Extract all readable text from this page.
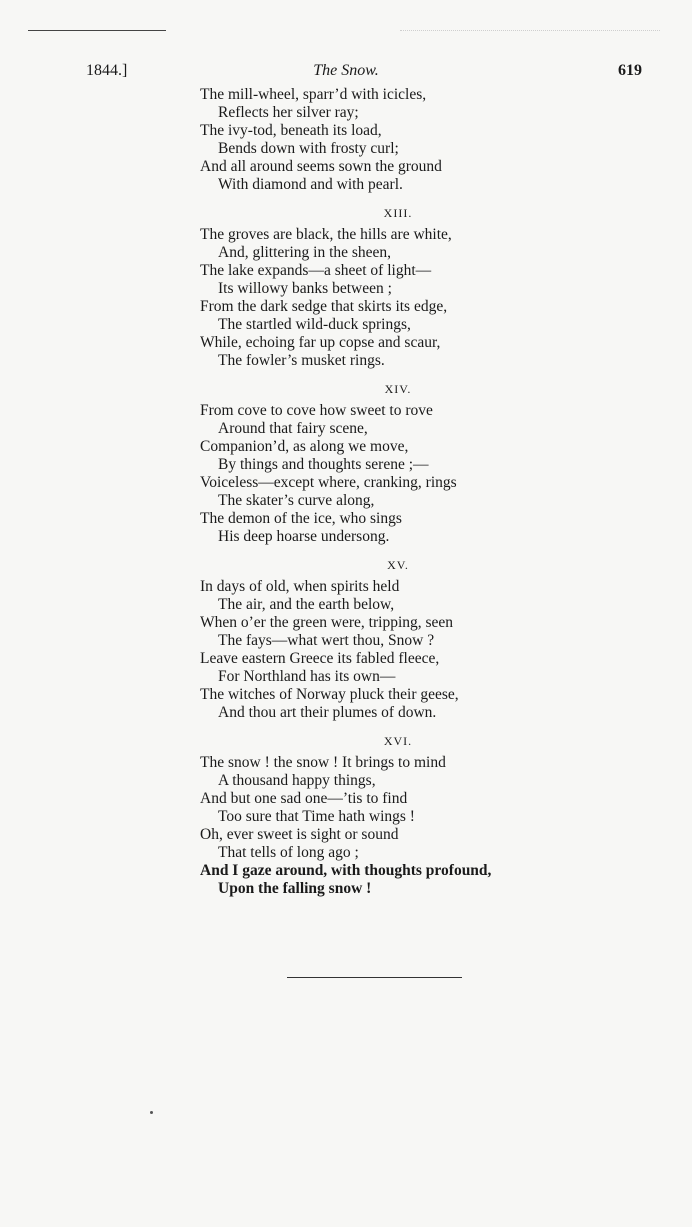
1844.]	The Snow.	619
The mill-wheel, sparr’d with icicles,
Reflects her silver ray;
The ivy-tod, beneath its load,
Bends down with frosty curl;
And all around seems sown the ground
With diamond and with pearl.
XIII.
The groves are black, the hills are white,
And, glittering in the sheen,
The lake expands—a sheet of light—
Its willowy banks between ;
From the dark sedge that skirts its edge,
The startled wild-duck springs,
While, echoing far up copse and scaur,
The fowler’s musket rings.
XIV.
From cove to cove how sweet to rove
Around that fairy scene,
Companion’d, as along we move,
By things and thoughts serene ;—
Voiceless—except where, cranking, rings
The skater’s curve along,
The demon of the ice, who sings
His deep hoarse undersong.
XV.
In days of old, when spirits held
The air, and the earth below,
When o’er the green were, tripping, seen
The fays—what wert thou, Snow ?
Leave eastern Greece its fabled fleece,
For Northland has its own—
The witches of Norway pluck their geese,
And thou art their plumes of down.
XVI.
The snow ! the snow ! It brings to mind
A thousand happy things,
And but one sad one—’tis to find
Too sure that Time hath wings !
Oh, ever sweet is sight or sound
That tells of long ago ;
And I gaze around, with thoughts profound,
Upon the falling snow !
